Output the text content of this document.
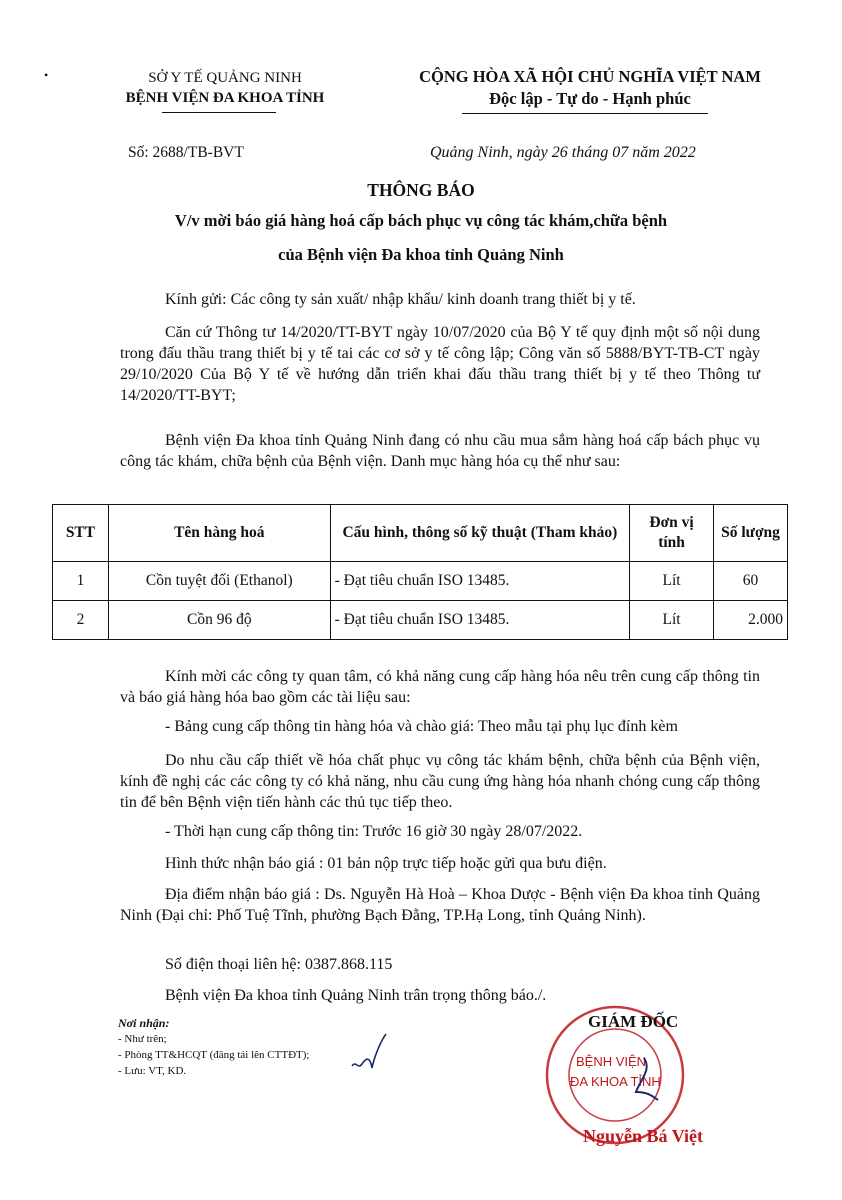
•	SỞ Y TẾ QUẢNG NINH
BỆNH VIỆN ĐA KHOA TỈNH
CỘNG HÒA XÃ HỘI CHỦ NGHĨA VIỆT NAM
Độc lập - Tự do - Hạnh phúc
Số: 2688/TB-BVT	Quảng Ninh, ngày 26 tháng 07 năm 2022
THÔNG BÁO
V/v mời báo giá hàng hoá cấp bách phục vụ công tác khám,chữa bệnh
của Bệnh viện Đa khoa tỉnh Quảng Ninh
Kính gửi: Các công ty sản xuất/ nhập khẩu/ kinh doanh trang thiết bị y tế.
Căn cứ Thông tư 14/2020/TT-BYT ngày 10/07/2020 của Bộ Y tế quy định một số nội dung trong đấu thầu trang thiết bị y tế tai các cơ sở y tế công lập; Công văn số 5888/BYT-TB-CT ngày 29/10/2020 Của Bộ Y tế về hướng dẫn triển khai đấu thầu trang thiết bị y tế theo Thông tư 14/2020/TT-BYT;
Bệnh viện Đa khoa tỉnh Quảng Ninh đang có nhu cầu mua sắm hàng hoá cấp bách phục vụ công tác khám, chữa bệnh của Bệnh viện. Danh mục hàng hóa cụ thể như sau:
STT	Tên hàng hoá	Cấu hình, thông số kỹ thuật (Tham khảo)	Đơn vị tính	Số lượng
1	Cồn tuyệt đối (Ethanol)	- Đạt tiêu chuẩn ISO 13485.	Lít	60
2	Cồn 96 độ	- Đạt tiêu chuẩn ISO 13485.	Lít	2.000
Kính mời các công ty quan tâm, có khả năng cung cấp hàng hóa nêu trên cung cấp thông tin và báo giá hàng hóa bao gồm các tài liệu sau:
- Bảng cung cấp thông tin hàng hóa và chào giá: Theo mẫu tại phụ lục đính kèm
Do nhu cầu cấp thiết về hóa chất phục vụ công tác khám bệnh, chữa bệnh của Bệnh viện, kính đề nghị các các công ty có khả năng, nhu cầu cung ứng hàng hóa nhanh chóng cung cấp thông tin để bên Bệnh viện tiến hành các thủ tục tiếp theo.
- Thời hạn cung cấp thông tin: Trước 16 giờ 30 ngày 28/07/2022.
Hình thức nhận báo giá : 01 bản nộp trực tiếp hoặc gửi qua bưu điện.
Địa điểm nhận báo giá : Ds. Nguyễn Hà Hoà – Khoa Dược - Bệnh viện Đa khoa tỉnh Quảng Ninh (Đại chỉ: Phố Tuệ Tĩnh, phường Bạch Đằng, TP.Hạ Long, tỉnh Quảng Ninh).
Số điện thoại liên hệ: 0387.868.115
Bệnh viện Đa khoa tỉnh Quảng Ninh trân trọng thông báo./.
Nơi nhận:
- Như trên;
- Phòng TT&HCQT (đăng tải lên CTTĐT);
- Lưu: VT, KD.
BỆNH VIỆN
ĐA KHOA TỈNH
GIÁM ĐỐC
Nguyễn Bá Việt
